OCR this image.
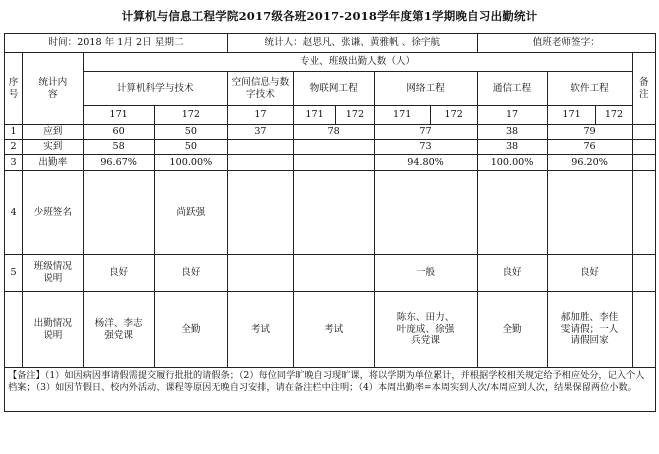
计算机与信息工程学院2017级各班2017-2018学年度第1学期晚自习出勤统计
时间：2018 年 1月 2日 星期二				统计人：赵思凡、张谦、黄雅帆 、徐宇航					值班老师签字：			
序号	统计内容	专业、班级出勤人数（人）										备注

		计算机科学与技术		空间信息与数字技术	物联网工程		网络工程		通信工程	软件工程		
		171	172	17	171	172	171	172	17	171	172	
1	应到	60	50	37	78		77		38	79		
2	实到	58	50				73		38	76		
3	出勤率	96.67%	100.00%				94.80%		100.00%	96.20%		
4	少班签名		尚跃强									
5	班级情况说明	良好	良好				一般		良好	良好		

	出勤情况说明	杨洋、李志强党课	全勤	考试	考试		陈东、田力、叶庞成、徐强兵党课		全勤	郝加胜、李佳雯请假；一人请假回家		

【备注】（1）如因病因事请假需提交履行批批的请假条；（2）每位同学旷晚自习现旷课，将以学期为单位累计，并根据学校相关规定给予相应处分，记入个人档案；（3）如因节假日、校内外活动、课程等原因无晚自习安排，请在备注栏中注明；（4）本周出勤率=本周实到人次/本周应到人次，结果保留两位小数。												
